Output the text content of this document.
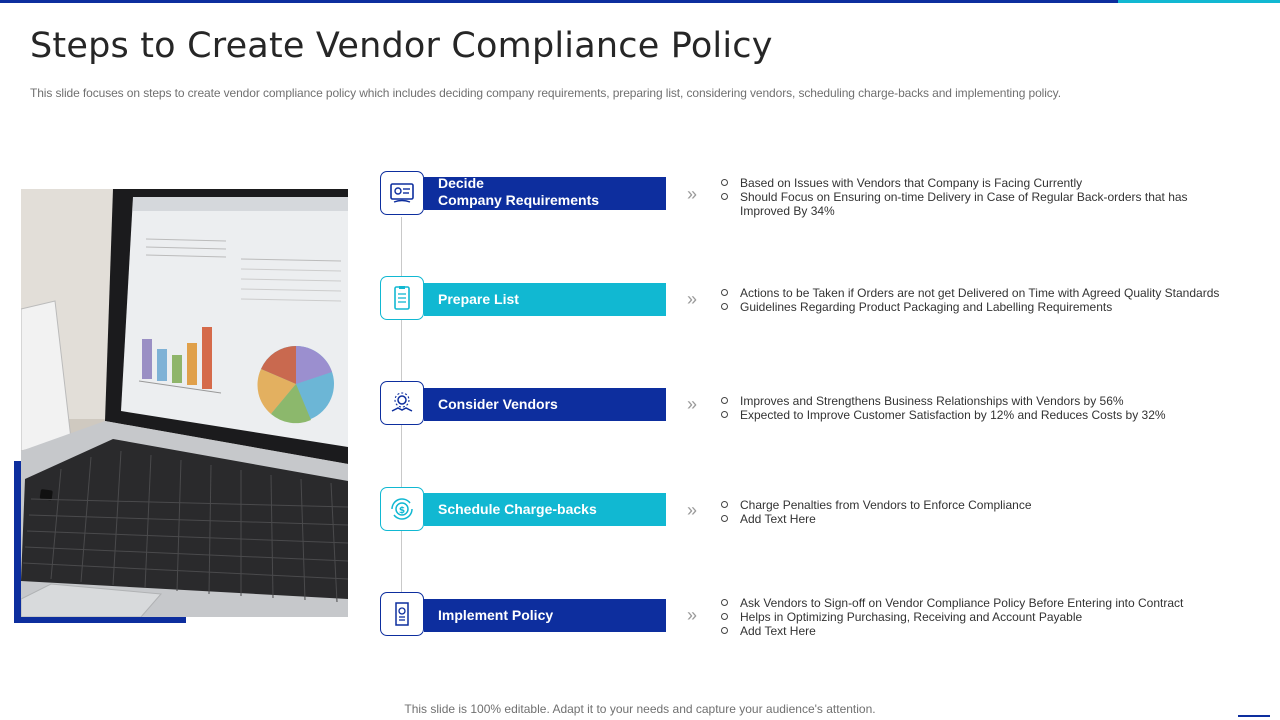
Steps to Create Vendor Compliance Policy

This slide focuses on steps to create vendor compliance policy which includes deciding company requirements, preparing list, considering vendors, scheduling charge-backs and implementing policy.

Decide
Company Requirements	»
Based on Issues with Vendors that Company is Facing Currently
Should Focus on Ensuring on-time Delivery in Case of Regular Back-orders that has Improved By 34%
Prepare List	»	Actions to be Taken if Orders are not get Delivered on Time with Agreed Quality Standards
Guidelines Regarding Product Packaging and Labelling Requirements
Consider Vendors	»	Improves and Strengthens Business Relationships with Vendors by 56%
Expected to Improve Customer Satisfaction by 12% and Reduces Costs by 32%
$ Schedule Charge-backs	»	Charge Penalties from Vendors to Enforce Compliance
Add Text Here
Implement Policy	»
Ask Vendors to Sign-off on Vendor Compliance Policy Before Entering into Contract
Helps in Optimizing Purchasing, Receiving and Account Payable
Add Text Here

This slide is 100% editable. Adapt it to your needs and capture your audience's attention.
